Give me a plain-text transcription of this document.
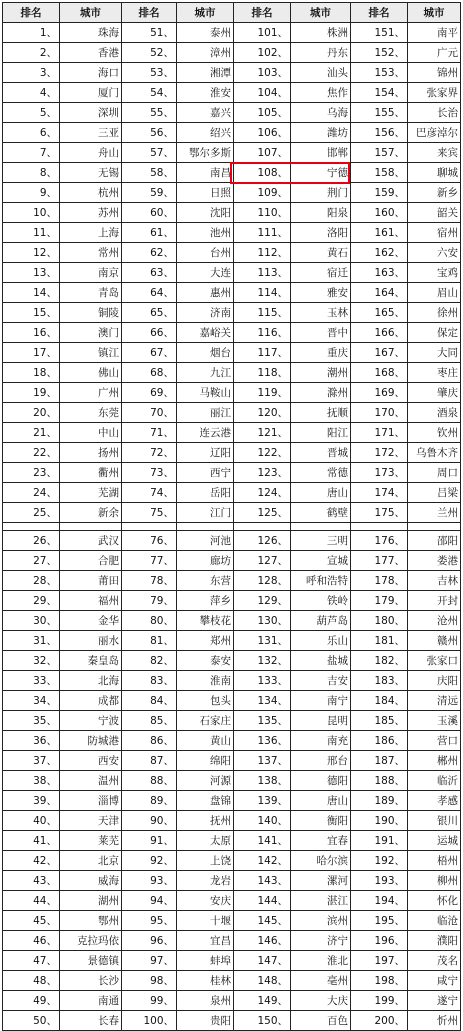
排名	城市	排名	城市	排名	城市	排名	城市
1、	珠海	51、	泰州	101、	株洲	151、	南平
2、	香港	52、	漳州	102、	丹东	152、	广元
3、	海口	53、	湘潭	103、	汕头	153、	锦州
4、	厦门	54、	淮安	104、	焦作	154、	张家界
5、	深圳	55、	嘉兴	105、	乌海	155、	长治
6、	三亚	56、	绍兴	106、	潍坊	156、	巴彦淖尔
7、	舟山	57、	鄂尔多斯	107、	邯郸	157、	来宾
8、	无锡	58、	南昌	108、	宁德	158、	聊城
9、	杭州	59、	日照	109、	荆门	159、	新乡
10、	苏州	60、	沈阳	110、	阳泉	160、	韶关
11、	上海	61、	池州	111、	洛阳	161、	宿州
12、	常州	62、	台州	112、	黄石	162、	六安
13、	南京	63、	大连	113、	宿迁	163、	宝鸡
14、	青岛	64、	惠州	114、	雅安	164、	眉山
15、	铜陵	65、	济南	115、	玉林	165、	徐州
16、	澳门	66、	嘉峪关	116、	晋中	166、	保定
17、	镇江	67、	烟台	117、	重庆	167、	大同
18、	佛山	68、	九江	118、	潮州	168、	枣庄
19、	广州	69、	马鞍山	119、	滁州	169、	肇庆
20、	东莞	70、	丽江	120、	抚顺	170、	酒泉
21、	中山	71、	连云港	121、	阳江	171、	钦州
22、	扬州	72、	辽阳	122、	晋城	172、	乌鲁木齐
23、	衢州	73、	西宁	123、	常德	173、	周口
24、	芜湖	74、	岳阳	124、	唐山	174、	吕梁
25、	新余	75、	江门	125、	鹤壁	175、	兰州

26、	武汉	76、	河池	126、	三明	176、	邵阳
27、	合肥	77、	廊坊	127、	宣城	177、	娄港
28、	莆田	78、	东营	128、	呼和浩特	178、	吉林
29、	福州	79、	萍乡	129、	铁岭	179、	开封
30、	金华	80、	攀枝花	130、	葫芦岛	180、	沧州
31、	丽水	81、	郑州	131、	乐山	181、	赣州
32、	秦皇岛	82、	泰安	132、	盐城	182、	张家口
33、	北海	83、	淮南	133、	吉安	183、	庆阳
34、	成都	84、	包头	134、	南宁	184、	清远
35、	宁波	85、	石家庄	135、	昆明	185、	玉溪
36、	防城港	86、	黄山	136、	南充	186、	营口
37、	西安	87、	绵阳	137、	邢台	187、	郴州
38、	温州	88、	河源	138、	德阳	188、	临沂
39、	淄博	89、	盘锦	139、	唐山	189、	孝感
40、	天津	90、	抚州	140、	衡阳	190、	银川
41、	莱芜	91、	太原	141、	宜春	191、	运城
42、	北京	92、	上饶	142、	哈尔滨	192、	梧州
43、	威海	93、	龙岩	143、	漯河	193、	柳州
44、	湖州	94、	安庆	144、	湛江	194、	怀化
45、	鄂州	95、	十堰	145、	滨州	195、	临沧
46、	克拉玛依	96、	宜昌	146、	济宁	196、	濮阳
47、	景德镇	97、	蚌埠	147、	淮北	197、	茂名
48、	长沙	98、	桂林	148、	亳州	198、	咸宁
49、	南通	99、	泉州	149、	大庆	199、	遂宁
50、	长春	100、	贵阳	150、	百色	200、	忻州
